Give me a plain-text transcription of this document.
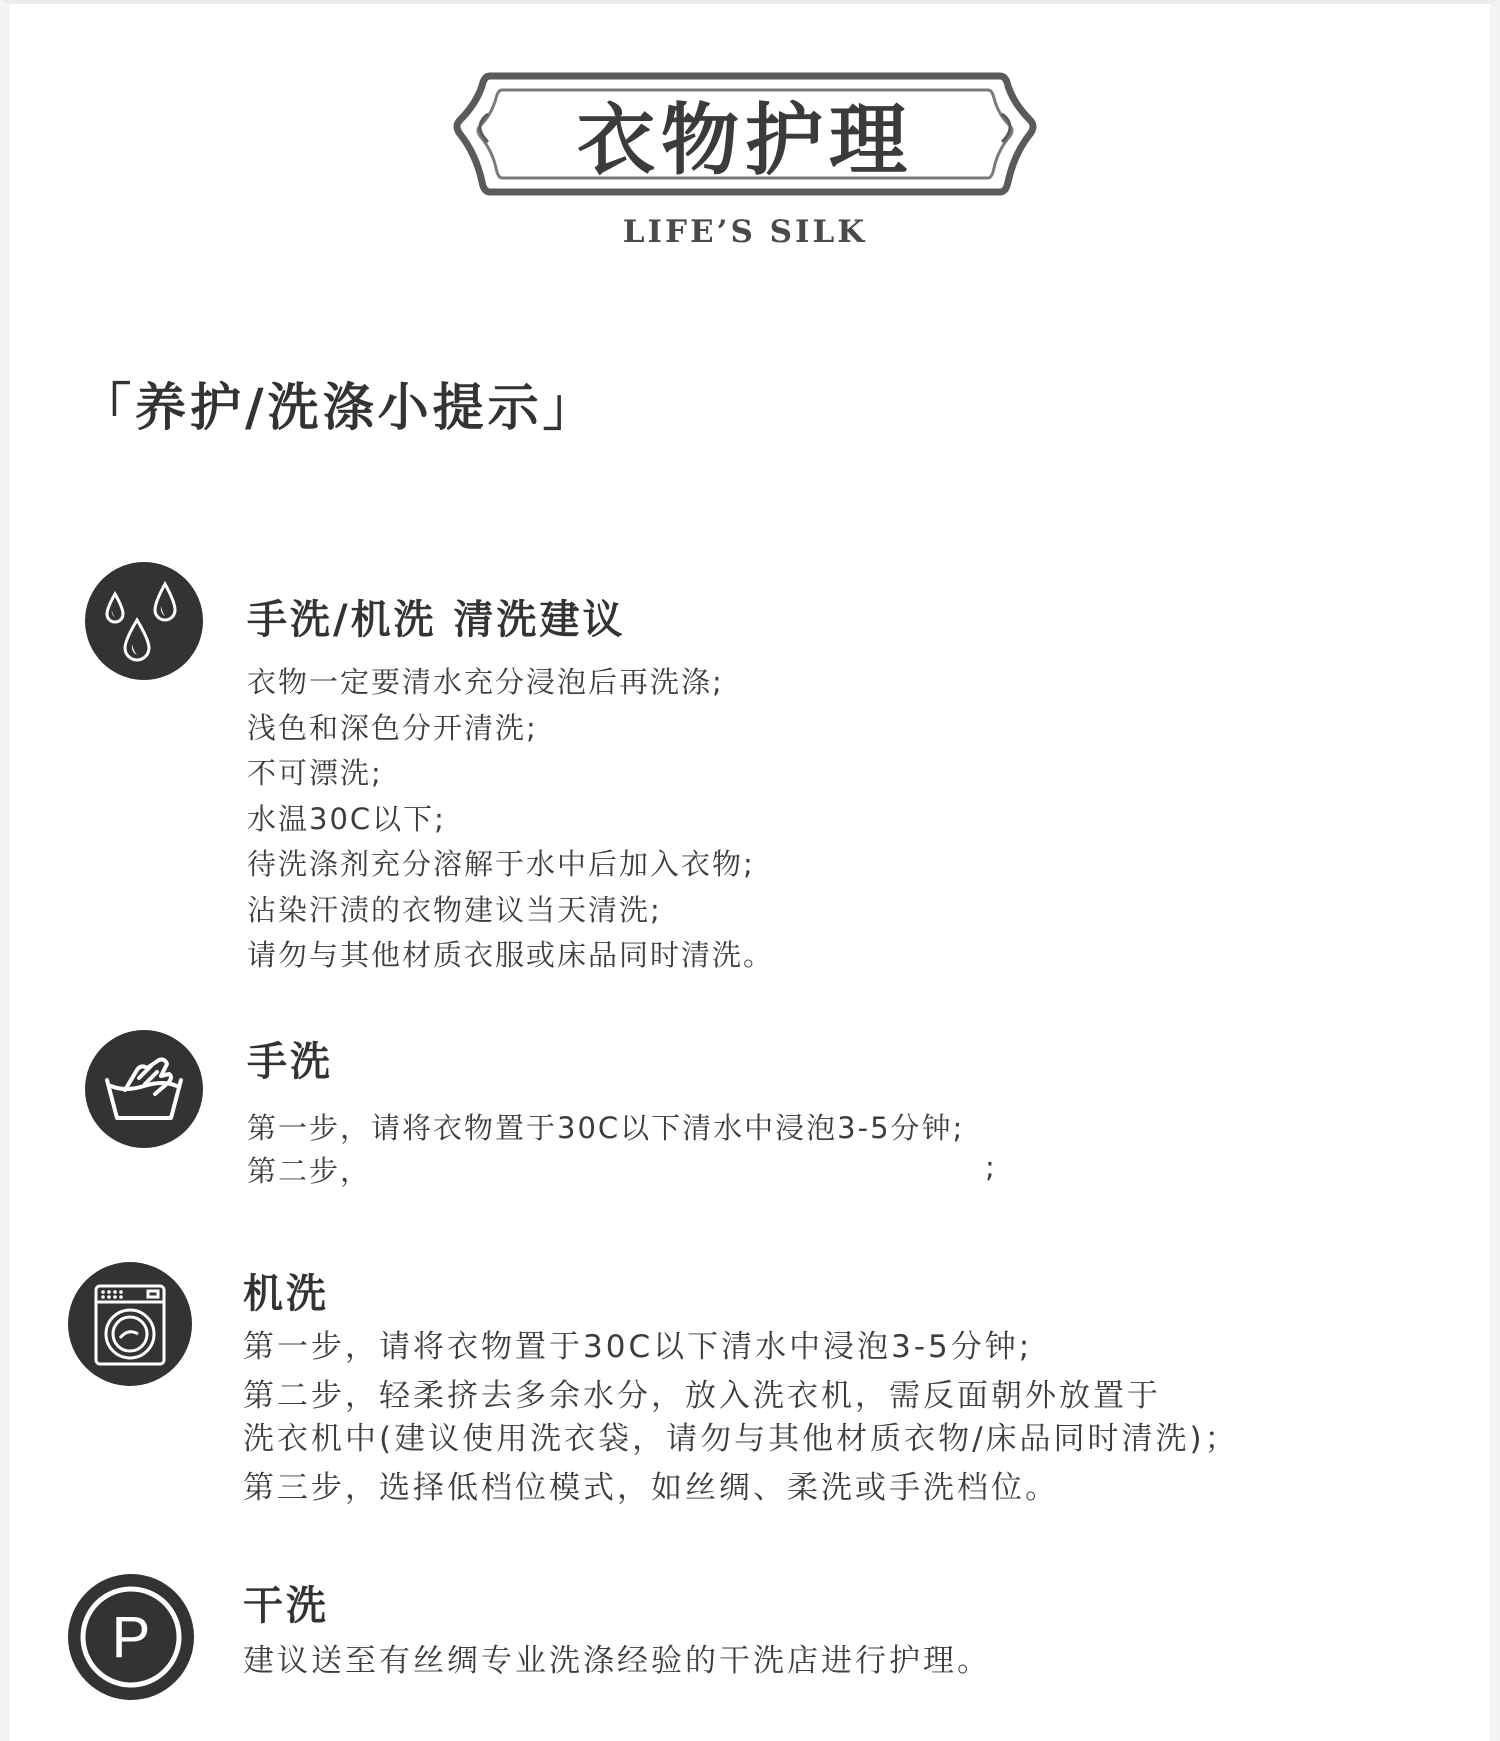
衣物护理
LIFE’S SILK
「养护/洗涤小提示」
手洗/机洗 清洗建议
衣物一定要清水充分浸泡后再洗涤;
浅色和深色分开清洗;
不可漂洗;
水温30C以下;
待洗涤剂充分溶解于水中后加入衣物;
沾染汗渍的衣物建议当天清洗;
请勿与其他材质衣服或床品同时清洗。
手洗
第一步，请将衣物置于30C以下清水中浸泡3-5分钟;
第二步，	;
机洗
第一步，请将衣物置于30C以下清水中浸泡3-5分钟;
第二步，轻柔挤去多余水分，放入洗衣机，需反面朝外放置于
洗衣机中(建议使用洗衣袋，请勿与其他材质衣物/床品同时清洗)；
第三步，选择低档位模式，如丝绸、柔洗或手洗档位。
P	干洗
建议送至有丝绸专业洗涤经验的干洗店进行护理。
